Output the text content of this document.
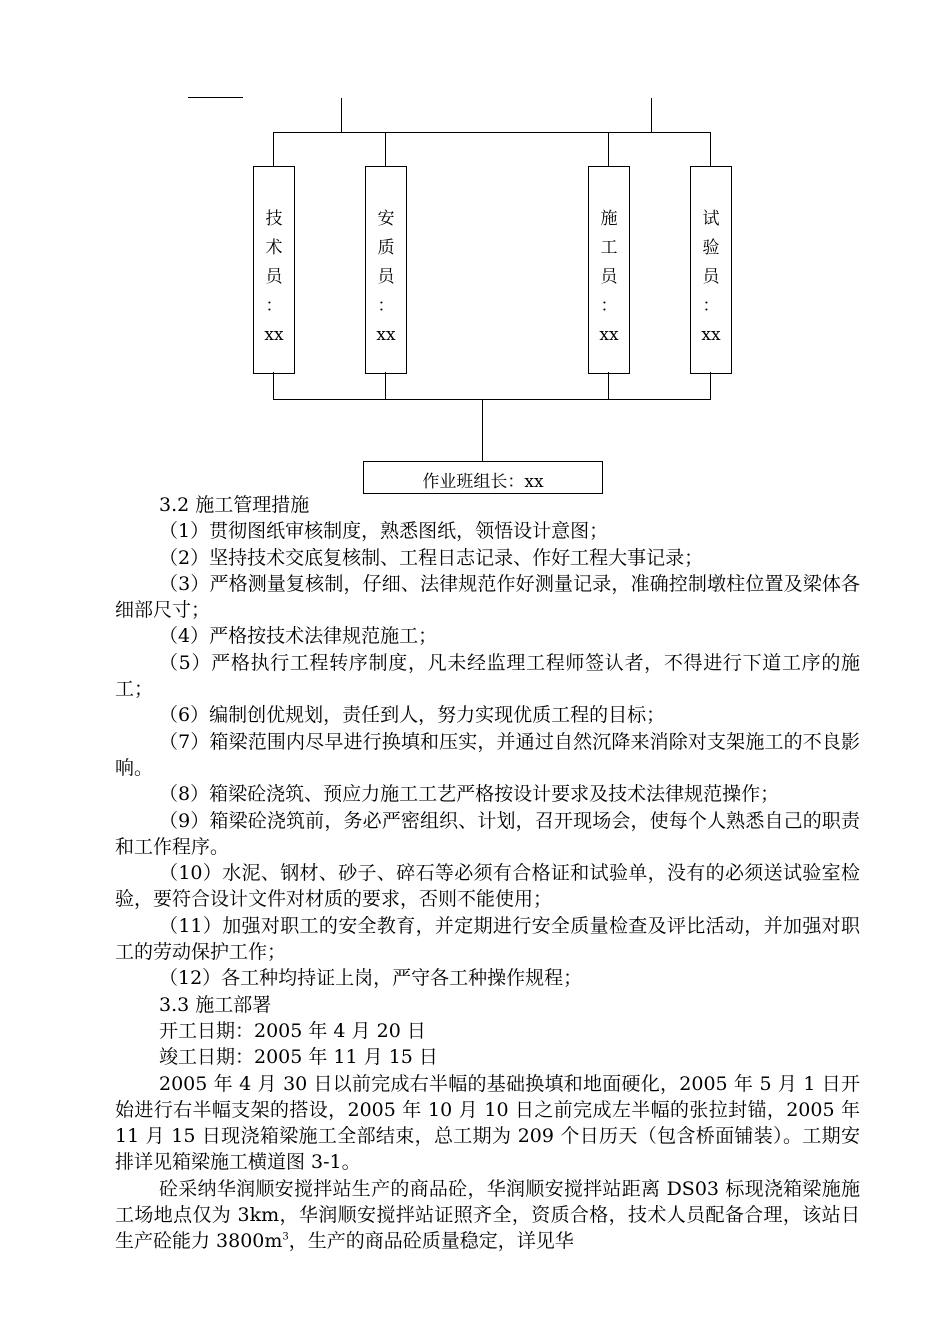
技
术
员
：
xx
安
质
员
：
xx
施
工
员
：
xx
试
验
员
：
xx
作业班组长：xx

3.2 施工管理措施

（1）贯彻图纸审核制度，熟悉图纸，领悟设计意图；

（2）坚持技术交底复核制、工程日志记录、作好工程大事记录；

（3）严格测量复核制，仔细、法律规范作好测量记录，准确控制墩柱位置及梁体各细部尺寸；

（4）严格按技术法律规范施工；

（5）严格执行工程转序制度，凡未经监理工程师签认者，不得进行下道工序的施工；

（6）编制创优规划，责任到人，努力实现优质工程的目标；

（7）箱梁范围内尽早进行换填和压实，并通过自然沉降来消除对支架施工的不良影响。

（8）箱梁砼浇筑、预应力施工工艺严格按设计要求及技术法律规范操作；

（9）箱梁砼浇筑前，务必严密组织、计划，召开现场会，使每个人熟悉自己的职责和工作程序。

（10）水泥、钢材、砂子、碎石等必须有合格证和试验单，没有的必须送试验室检验，要符合设计文件对材质的要求，否则不能使用；

（11）加强对职工的安全教育，并定期进行安全质量检查及评比活动，并加强对职工的劳动保护工作；

（12）各工种均持证上岗，严守各工种操作规程；

3.3 施工部署

开工日期：2005 年 4 月 20 日

竣工日期：2005 年 11 月 15 日

2005 年 4 月 30 日以前完成右半幅的基础换填和地面硬化，2005 年 5 月 1 日开始进行右半幅支架的搭设，2005 年 10 月 10 日之前完成左半幅的张拉封锚，2005 年 11 月 15 日现浇箱梁施工全部结束，总工期为 209 个日历天（包含桥面铺装）。工期安排详见箱梁施工横道图 3-1。

砼采纳华润顺安搅拌站生产的商品砼，华润顺安搅拌站距离 DS03 标现浇箱梁施施工场地点仅为 3km，华润顺安搅拌站证照齐全，资质合格，技术人员配备合理，该站日生产砼能力 $3800m^3$，生产的商品砼质量稳定，详见华
